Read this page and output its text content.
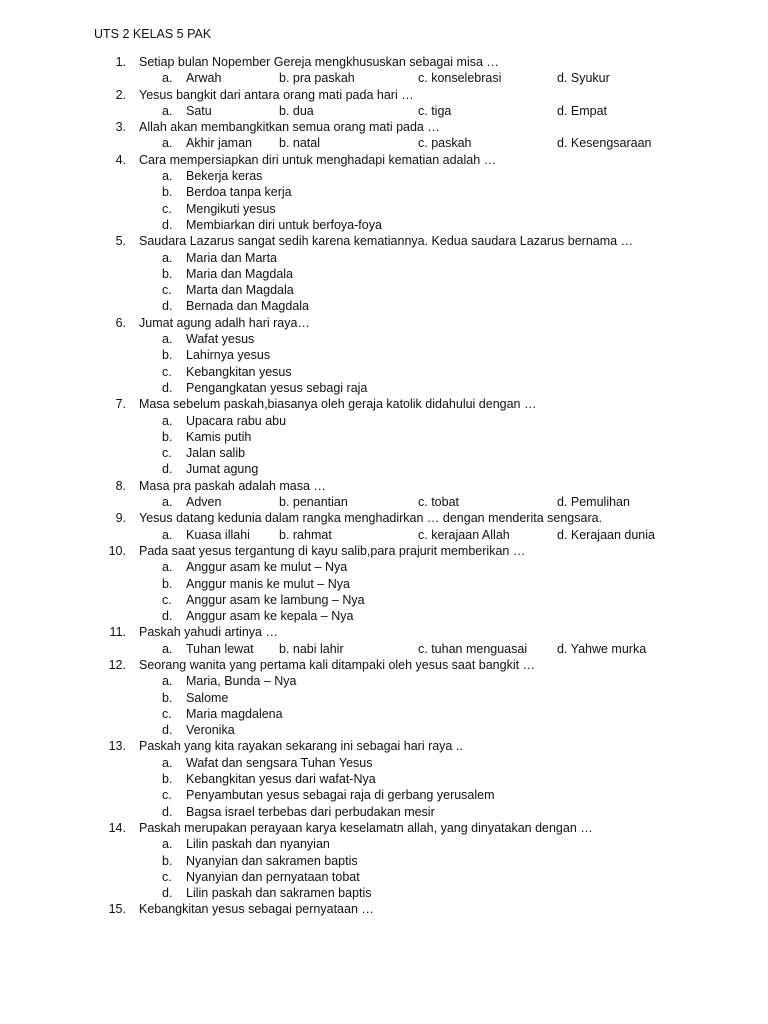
UTS 2 KELAS 5 PAK
1. Setiap bulan Nopember Gereja mengkhususkan sebagai misa …
a. Arwah	b. pra paskah	c. konselebrasi	d. Syukur
2. Yesus bangkit dari antara orang mati pada hari …
a. Satu	b. dua	c. tiga	d. Empat
3. Allah akan membangkitkan semua orang mati pada …
a. Akhir jaman b. natal	c. paskah	d. Kesengsaraan
4. Cara mempersiapkan diri untuk menghadapi kematian adalah …
a. Bekerja keras
b. Berdoa tanpa kerja
c. Mengikuti yesus
d. Membiarkan diri untuk berfoya-foya
5. Saudara Lazarus sangat sedih karena kematiannya. Kedua saudara Lazarus bernama …
a. Maria dan Marta
b. Maria dan Magdala
c. Marta dan Magdala
d. Bernada dan Magdala
6. Jumat agung adalh hari raya…
a. Wafat yesus
b. Lahirnya yesus
c. Kebangkitan yesus
d. Pengangkatan yesus sebagi raja
7. Masa sebelum paskah,biasanya oleh geraja katolik didahului dengan …
a. Upacara rabu abu
b. Kamis putih
c. Jalan salib
d. Jumat agung
8. Masa pra paskah adalah masa …
a. Adven	b. penantian	c. tobat	d. Pemulihan
9. Yesus datang kedunia dalam rangka menghadirkan … dengan menderita sengsara.
a. Kuasa illahi b. rahmat	c. kerajaan Allah	d. Kerajaan dunia
10. Pada saat yesus tergantung di kayu salib,para prajurit memberikan …
a. Anggur asam ke mulut – Nya
b. Anggur manis ke mulut – Nya
c. Anggur asam ke lambung – Nya
d. Anggur asam ke kepala – Nya
11. Paskah yahudi artinya …
a. Tuhan lewat b. nabi lahir	c. tuhan menguasai d. Yahwe murka
12. Seorang wanita yang pertama kali ditampaki oleh yesus saat bangkit …
a. Maria, Bunda – Nya
b. Salome
c. Maria magdalena
d. Veronika
13. Paskah yang kita rayakan sekarang ini sebagai hari raya ..
a. Wafat dan sengsara Tuhan Yesus
b. Kebangkitan yesus dari wafat-Nya
c. Penyambutan yesus sebagai raja di gerbang yerusalem
d. Bagsa israel terbebas dari perbudakan mesir
14. Paskah merupakan perayaan karya keselamatn allah, yang dinyatakan dengan …
a. Lilin paskah dan nyanyian
b. Nyanyian dan sakramen baptis
c. Nyanyian dan pernyataan tobat
d. Lilin paskah dan sakramen baptis
15. Kebangkitan yesus sebagai pernyataan …
